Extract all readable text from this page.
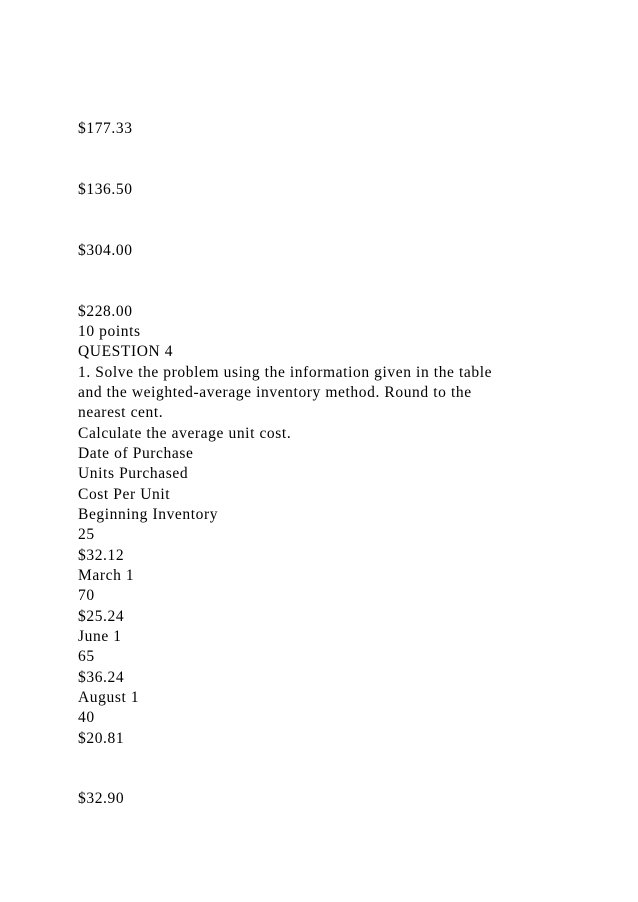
$177.33
$136.50
$304.00
$228.00
10 points
QUESTION 4
1. Solve the problem using the information given in the table
and the weighted-average inventory method. Round to the
nearest cent.
Calculate the average unit cost.
Date of Purchase
Units Purchased
Cost Per Unit
Beginning Inventory
25
$32.12
March 1
70
$25.24
June 1
65
$36.24
August 1
40
$20.81
$32.90
